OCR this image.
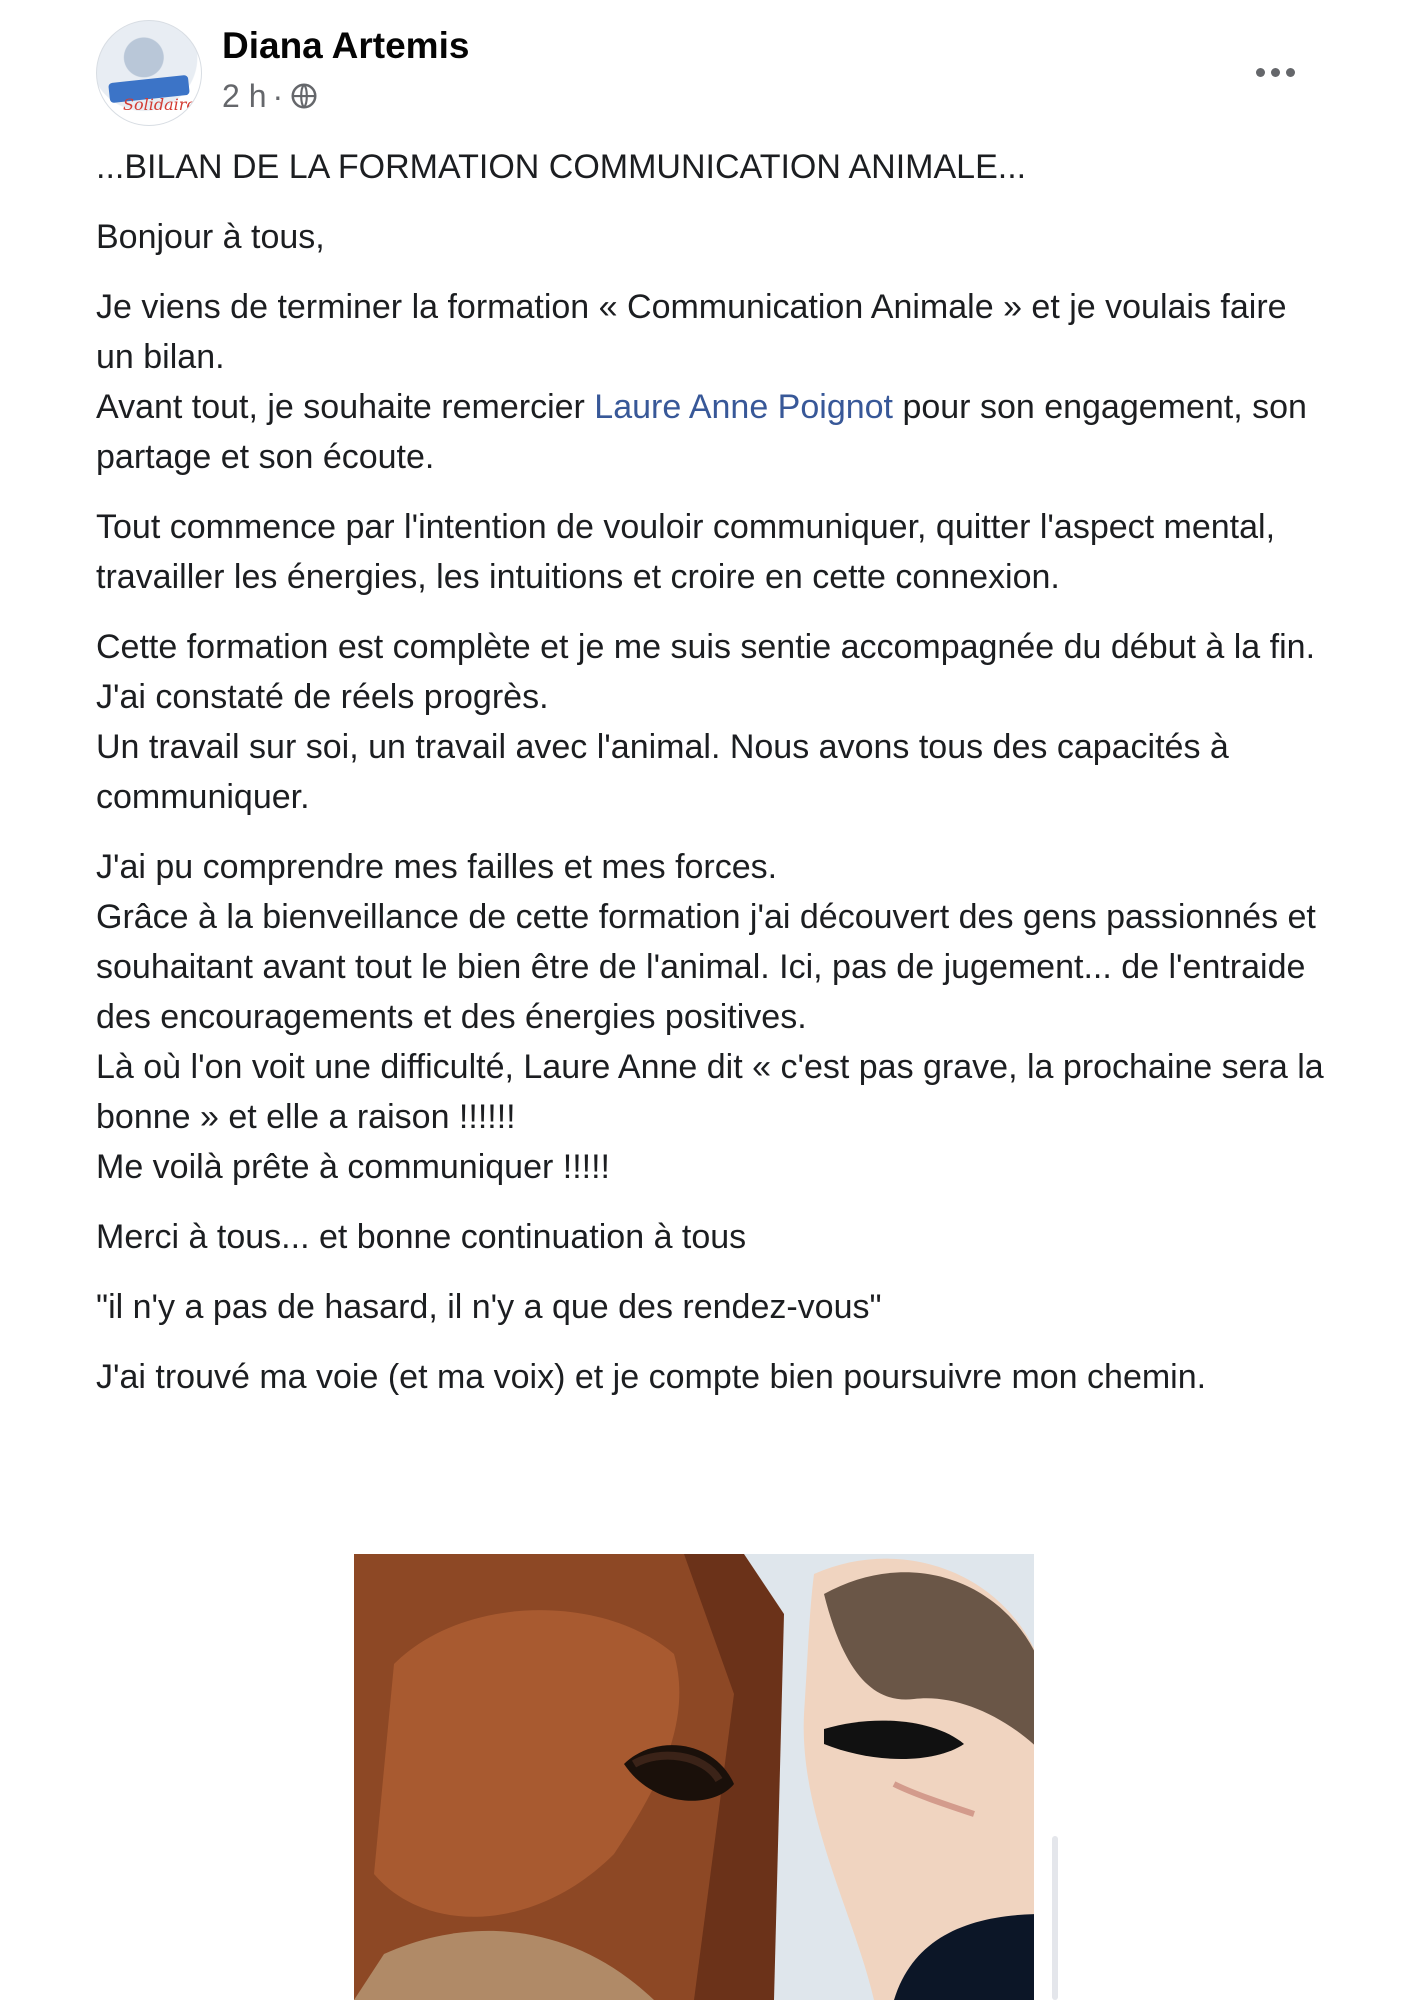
Solidaire
Diana Artemis
2 h ·

...BILAN DE LA FORMATION COMMUNICATION ANIMALE...

Bonjour à tous,

Je viens de terminer la formation « Communication Animale » et je voulais faire un bilan.
Avant tout, je souhaite remercier Laure Anne Poignot pour son engagement, son partage et son écoute.

Tout commence par l'intention de vouloir communiquer, quitter l'aspect mental, travailler les énergies, les intuitions et croire en cette connexion.

Cette formation est complète et je me suis sentie accompagnée du début à la fin. J'ai constaté de réels progrès.
Un travail sur soi, un travail avec l'animal. Nous avons tous des capacités à communiquer.

J'ai pu comprendre mes failles et mes forces.
Grâce à la bienveillance de cette formation j'ai découvert des gens passionnés et souhaitant avant tout le bien être de l'animal. Ici, pas de jugement... de l'entraide des encouragements et des énergies positives.
Là où l'on voit une difficulté, Laure Anne dit « c'est pas grave, la prochaine sera la bonne » et elle a raison !!!!!!
Me voilà prête à communiquer !!!!!

Merci à tous... et bonne continuation à tous

"il n'y a pas de hasard, il n'y a que des rendez-vous"

J'ai trouvé ma voie (et ma voix) et je compte bien poursuivre mon chemin.
